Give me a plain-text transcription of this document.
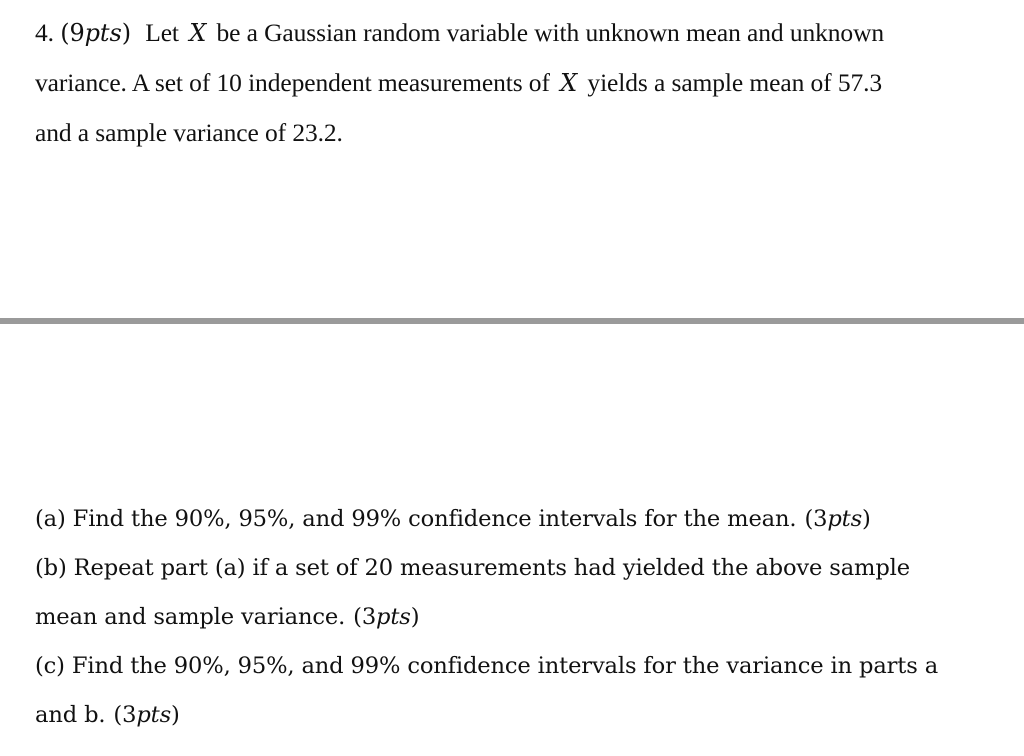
4. (9pts) Let X be a Gaussian random variable with unknown mean and unknown
variance. A set of 10 independent measurements of X yields a sample mean of 57.3
and a sample variance of 23.2.
(a) Find the 90%, 95%, and 99% confidence intervals for the mean. (3pts)
(b) Repeat part (a) if a set of 20 measurements had yielded the above sample
mean and sample variance. (3pts)
(c) Find the 90%, 95%, and 99% confidence intervals for the variance in parts a
and b. (3pts)
